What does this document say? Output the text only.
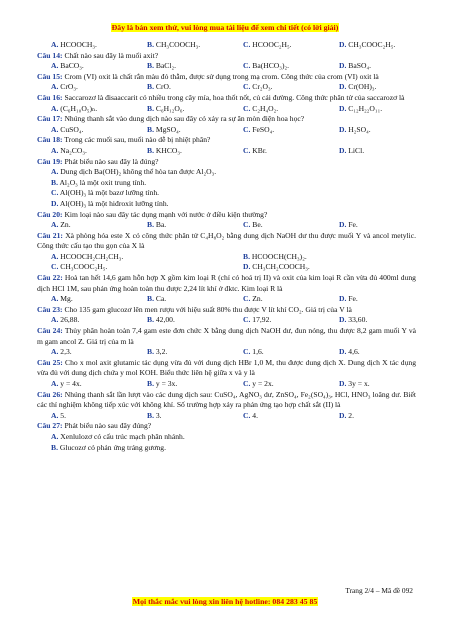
Đây là bản xem thử, vui lòng mua tài liệu để xem chi tiết (có lời giải)
A. HCOOCH₃.	B. CH₃COOCH₃.	C. HCOOC₂H₅.	D. CH₃COOC₂H₅.
Câu 14: Chất nào sau đây là muối axit?
A. BaCO₃.	B. BaCl₂.	C. Ba(HCO₃)₂.	D. BaSO₄.
Câu 15: Crom (VI) oxit là chất rắn màu đỏ thẫm, được sử dụng trong mạ crom. Công thức của crom (VI) oxit là
A. CrO₃.	B. CrO.	C. Cr₂O₃.	D. Cr(OH)₃.
Câu 16: Saccarozơ là đisaaccarit có nhiều trong cây mía, hoa thốt nốt, củ cải đường. Công thức phân tử của saccarozơ là
A. (C₆H₁₀O₅)ₙ.	B. C₆H₁₂O₆.	C. C₂H₄O₂.	D. C₁₂H₂₂O₁₁.
Câu 17: Nhúng thanh sắt vào dung dịch nào sau đây có xảy ra sự ăn mòn điện hoa học?
A. CuSO₄.	B. MgSO₄.	C. FeSO₄.	D. H₂SO₄.
Câu 18: Trong các muối sau, muối nào dễ bị nhiệt phân?
A. Na₂CO₃.	B. KHCO₃.	C. KBr.	D. LiCl.
Câu 19: Phát biểu nào sau đây là đúng?
A. Dung dịch Ba(OH)₂ không thể hòa tan được Al₂O₃.
B. Al₂O₃ là một oxit trung tính.
C. Al(OH)₃ là một bazơ lưỡng tính.
D. Al(OH)₃ là một hiđroxit lưỡng tính.
Câu 20: Kim loại nào sau đây tác dụng mạnh với nước ở điều kiện thường?
A. Zn.	B. Ba.	C. Be.	D. Fe.
Câu 21: Xà phòng hóa este X có công thức phân tử C₄H₈O₂ bằng dung dịch NaOH dư thu được muối Y và ancol metylic. Công thức cấu tạo thu gọn của X là
A. HCOOCH₂CH₂CH₃.	B. HCOOCH(CH₃)₂.
C. CH₃COOC₂H₅.	D. CH₃CH₂COOCH₃.
Câu 22: Hoà tan hết 14,6 gam hỗn hợp X gồm kim loại R (chỉ có hoá trị II) và oxit của kim loại R cần vừa đủ 400ml dung dịch HCl 1M, sau phản ứng hoàn toàn thu được 2,24 lít khí ở đktc. Kim loại R là
A. Mg.	B. Ca.	C. Zn.	D. Fe.
Câu 23: Cho 135 gam glucozơ lên men rượu với hiệu suất 80% thu được V lít khí CO₂. Giá trị của V là
A. 26,88.	B. 42,00.	C. 17,92.	D. 33,60.
Câu 24: Thủy phân hoàn toàn 7,4 gam este đơn chức X bằng dung dịch NaOH dư, đun nóng, thu được 8,2 gam muối Y và m gam ancol Z. Giá trị của m là
A. 2,3.	B. 3,2.	C. 1,6.	D. 4,6.
Câu 25: Cho x mol axit glutamic tác dụng vừa đủ với dung dịch HBr 1,0 M, thu được dung dịch X. Dung dịch X tác dụng vừa đủ với dung dịch chứa y mol KOH. Biểu thức liên hệ giữa x và y là
A. y = 4x.	B. y = 3x.	C. y = 2x.	D. 3y = x.
Câu 26: Nhúng thanh sắt lần lượt vào các dung dịch sau: CuSO₄, AgNO₃ dư, ZnSO₄, Fe₂(SO₄)₃, HCl, HNO₃ loãng dư. Biết các thí nghiệm không tiếp xúc với không khí. Số trường hợp xảy ra phản ứng tạo hợp chất sắt (II) là
A. 5.	B. 3.	C. 4.	D. 2.
Câu 27: Phát biểu nào sau đây đúng?
A. Xenlulozơ có cấu trúc mạch phân nhánh.
B. Glucozơ có phản ứng tráng gương.
Trang 2/4 – Mã đề 092
Mọi thắc mắc vui lòng xin liên hệ hotline: 084 283 45 85
